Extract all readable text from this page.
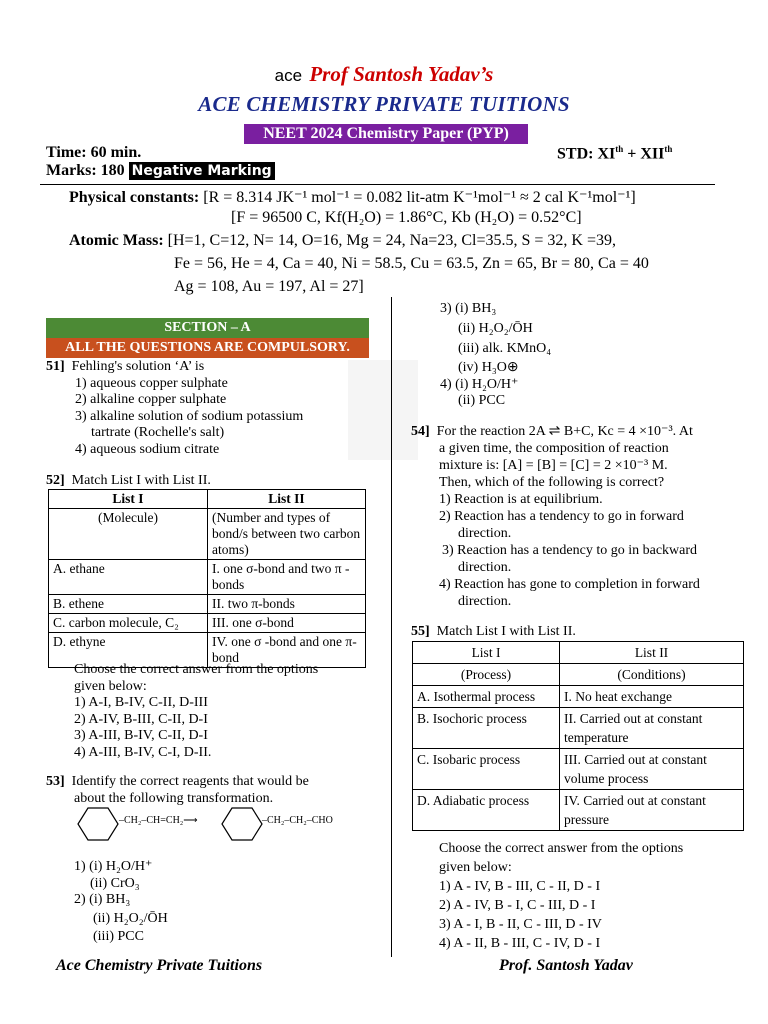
ace Prof Santosh Yadav’s
ACE CHEMISTRY PRIVATE TUITIONS
NEET 2024 Chemistry Paper (PYP)
Time: 60 min.	STD: XIth + XIIth
Marks: 180 Negative Marking
Physical constants: [R = 8.314 JK⁻¹ mol⁻¹ = 0.082 lit-atm K⁻¹mol⁻¹ ≈ 2 cal K⁻¹mol⁻¹]
[F = 96500 C, Kf(H₂O) = 1.86°C, Kb (H₂O) = 0.52°C]
Atomic Mass: [H=1, C=12, N= 14, O=16, Mg = 24, Na=23, Cl=35.5, S = 32, K =39,
Fe = 56, He = 4, Ca = 40, Ni = 58.5, Cu = 63.5, Zn = 65, Br = 80, Ca = 40
Ag = 108, Au = 197, Al = 27]
SECTION – A
ALL THE QUESTIONS ARE COMPULSORY.
51] Fehling's solution ‘A’ is
1) aqueous copper sulphate
2) alkaline copper sulphate
3) alkaline solution of sodium potassium
tartrate (Rochelle's salt)
4) aqueous sodium citrate
52] Match List I with List II.
List I	List II
(Molecule)	(Number and types of bond/s between two carbon atoms)
A. ethane	I. one σ-bond and two π -bonds
B. ethene	II. two π-bonds
C. carbon molecule, C₂	III. one σ-bond
D. ethyne	IV. one σ -bond and one π-bond
Choose the correct answer from the options
given below:
1) A-I, B-IV, C-II, D-III
2) A-IV, B-III, C-II, D-I
3) A-III, B-IV, C-II, D-I
4) A-III, B-IV, C-I, D-II.
53] Identify the correct reagents that would be
about the following transformation.
–CH₂–CH=CH₂⟶	–CH₂–CH₂–CHO
1) (i) H₂O/H⁺
(ii) CrO₃
2) (i) BH₃
(ii) H₂O₂/ŌH
(iii) PCC
3) (i) BH₃
(ii) H₂O₂/ŌH
(iii) alk. KMnO₄
(iv) H₃O⊕
4) (i) H₂O/H⁺
(ii) PCC
54] For the reaction 2A ⇌ B+C, Kc = 4 ×10⁻³. At
a given time, the composition of reaction
mixture is: [A] = [B] = [C] = 2 ×10⁻³ M.
Then, which of the following is correct?
1) Reaction is at equilibrium.
2) Reaction has a tendency to go in forward
direction.
3) Reaction has a tendency to go in backward
direction.
4) Reaction has gone to completion in forward
direction.
55] Match List I with List II.
List I	List II
(Process)	(Conditions)
A. Isothermal process	I. No heat exchange
B. Isochoric process	II. Carried out at constant temperature
C. Isobaric process	III. Carried out at constant volume process
D. Adiabatic process	IV. Carried out at constant pressure
Choose the correct answer from the options
given below:
1) A - IV, B - III, C - II, D - I
2) A - IV, B - I, C - III, D - I
3) A - I, B - II, C - III, D - IV
4) A - II, B - III, C - IV, D - I
Ace Chemistry Private Tuitions	Prof. Santosh Yadav
